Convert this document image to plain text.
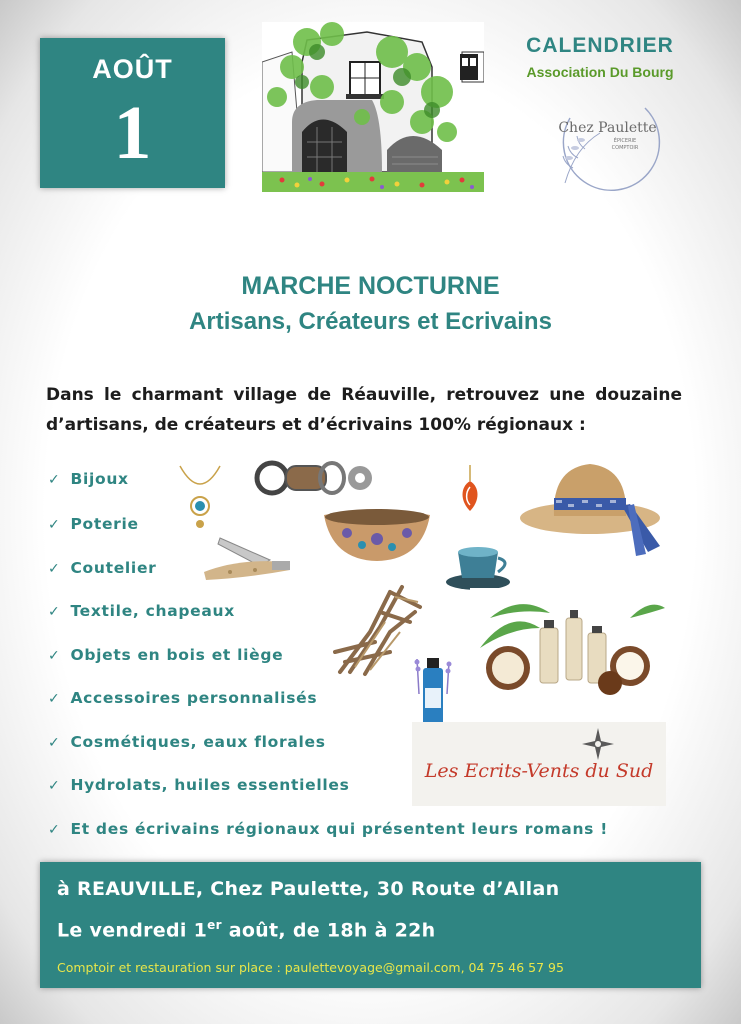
AOÛT
1
CALENDRIER
Association Du Bourg
Chez Paulette
ÉPICERIE
COMPTOIR
MARCHE NOCTURNE
Artisans, Créateurs et Ecrivains
Dans le charmant village de Réauville, retrouvez une douzaine d’artisans, de créateurs et d’écrivains 100% régionaux :
✓ Bijoux
✓ Poterie
✓ Coutelier
✓ Textile, chapeaux
✓ Objets en bois et liège
✓ Accessoires personnalisés
✓ Cosmétiques, eaux florales
✓ Hydrolats, huiles essentielles
✓ Et des écrivains régionaux qui présentent leurs romans !
Les Ecrits-Vents du Sud
à REAUVILLE, Chez Paulette, 30 Route d’Allan
Le vendredi 1er août, de 18h à 22h
Comptoir et restauration sur place : paulettevoyage@gmail.com, 04 75 46 57 95
